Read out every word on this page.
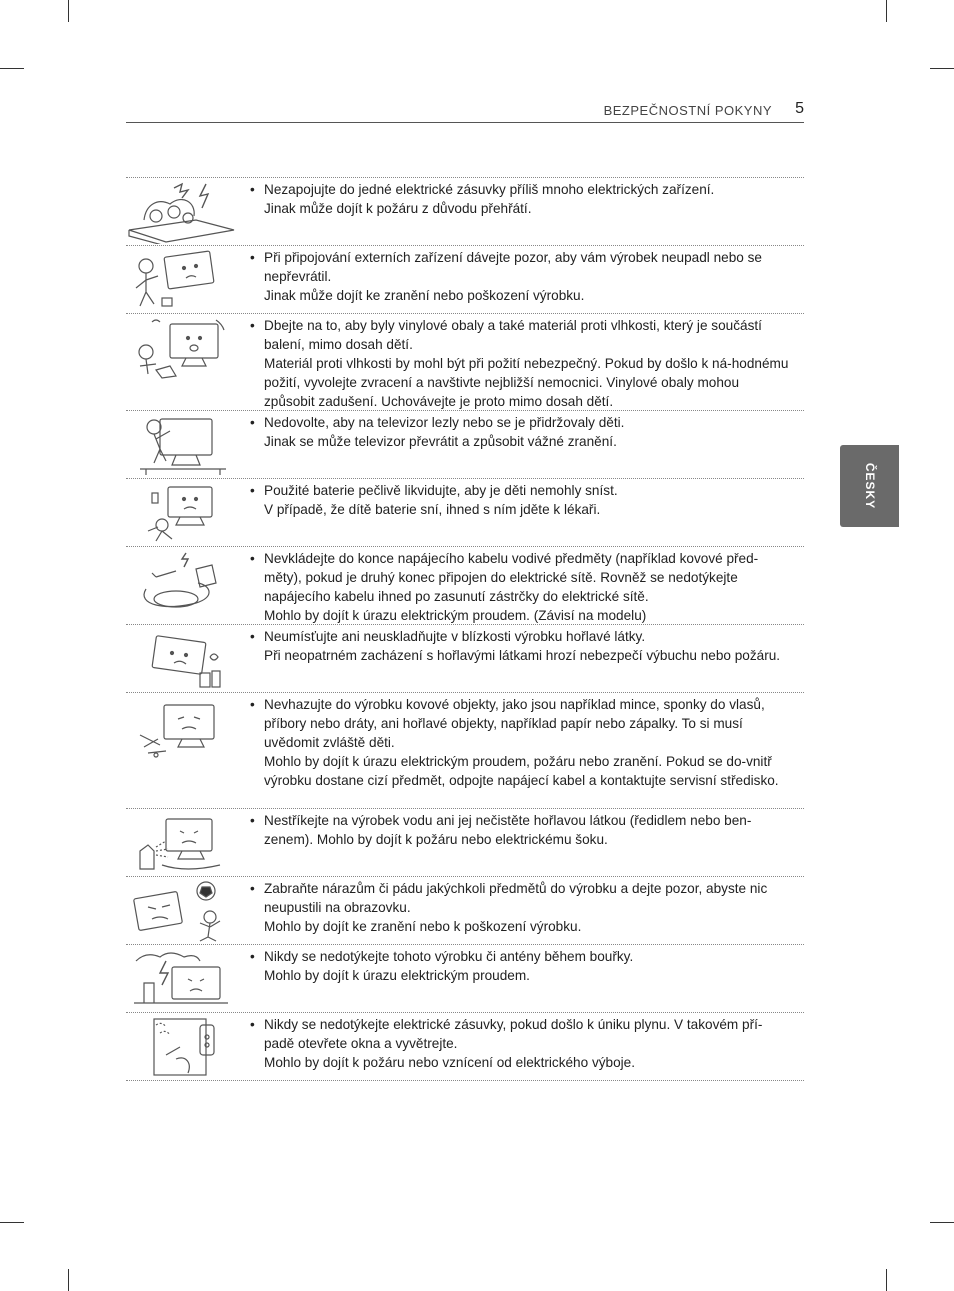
BEZPEČNOSTNÍ POKYNY 5
ČESKY
• Nezapojujte do jedné elektrické zásuvky příliš mnoho elektrických zařízení.

Jinak může dojít k požáru z důvodu přehřátí.

• Při připojování externích zařízení dávejte pozor, aby vám výrobek neupadl nebo se nepřevrátil.

Jinak může dojít ke zranění nebo poškození výrobku.

• Dbejte na to, aby byly vinylové obaly a také materiál proti vlhkosti, který je součástí balení, mimo dosah dětí.

Materiál proti vlhkosti by mohl být při požití nebezpečný. Pokud by došlo k ná-hodnému požití, vyvolejte zvracení a navštivte nejbližší nemocnici. Vinylové obaly mohou způsobit zadušení. Uchovávejte je proto mimo dosah dětí.

• Nedovolte, aby na televizor lezly nebo se je přidržovaly děti.

Jinak se může televizor převrátit a způsobit vážné zranění.

• Použité baterie pečlivě likvidujte, aby je děti nemohly sníst.

V případě, že dítě baterie sní, ihned s ním jděte k lékaři.

• Nevkládejte do konce napájecího kabelu vodivé předměty (například kovové před-měty), pokud je druhý konec připojen do elektrické sítě. Rovněž se nedotýkejte napájecího kabelu ihned po zasunutí zástrčky do elektrické sítě.

Mohlo by dojít k úrazu elektrickým proudem. (Závisí na modelu)

• Neumísťujte ani neuskladňujte v blízkosti výrobku hořlavé látky.

Při neopatrném zacházení s hořlavými látkami hrozí nebezpečí výbuchu nebo požáru.

• Nevhazujte do výrobku kovové objekty, jako jsou například mince, sponky do vlasů, příbory nebo dráty, ani hořlavé objekty, například papír nebo zápalky. To si musí uvědomit zvláště děti.

Mohlo by dojít k úrazu elektrickým proudem, požáru nebo zranění. Pokud se do-vnitř výrobku dostane cizí předmět, odpojte napájecí kabel a kontaktujte servisní středisko.

• Nestříkejte na výrobek vodu ani jej nečistěte hořlavou látkou (ředidlem nebo ben-zenem). Mohlo by dojít k požáru nebo elektrickému šoku.

• Zabraňte nárazům či pádu jakýchkoli předmětů do výrobku a dejte pozor, abyste nic neupustili na obrazovku.

Mohlo by dojít ke zranění nebo k poškození výrobku.

• Nikdy se nedotýkejte tohoto výrobku či antény během bouřky.

Mohlo by dojít k úrazu elektrickým proudem.

• Nikdy se nedotýkejte elektrické zásuvky, pokud došlo k úniku plynu. V takovém pří-padě otevřete okna a vyvětrejte.

Mohlo by dojít k požáru nebo vznícení od elektrického výboje.
